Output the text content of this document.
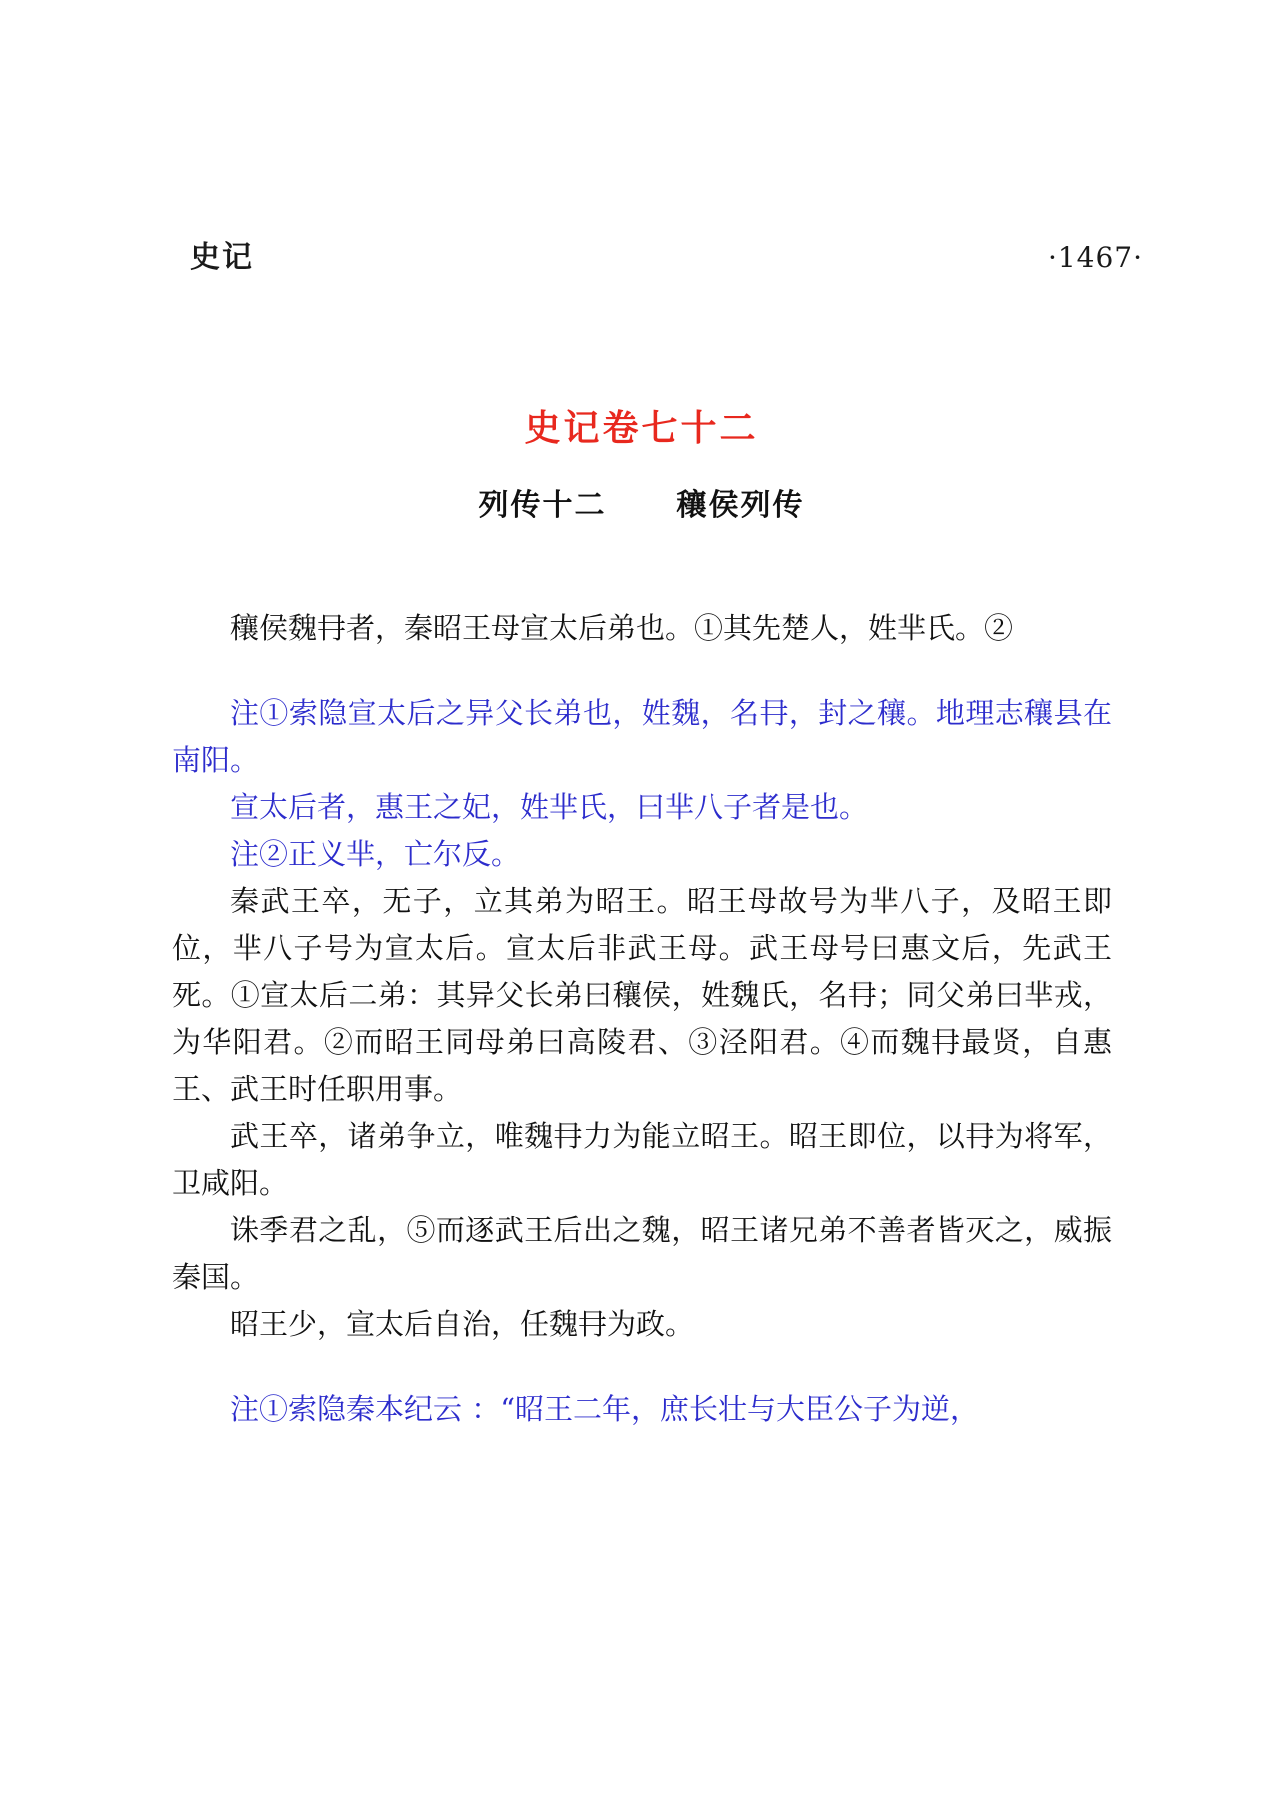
史记	·1467·
史记卷七十二
列传十二 穰侯列传

穰侯魏冄者，秦昭王母宣太后弟也。①其先楚人，姓芈氏。②

注①索隐宣太后之异父长弟也，姓魏，名冄，封之穰。地理志穰县在南阳。

宣太后者，惠王之妃，姓芈氏，曰芈八子者是也。

注②正义芈，亡尔反。

秦武王卒，无子，立其弟为昭王。昭王母故号为芈八子，及昭王即位，芈八子号为宣太后。宣太后非武王母。武王母号曰惠文后，先武王死。①宣太后二弟：其异父长弟曰穰侯，姓魏氏，名冄；同父弟曰芈戎，为华阳君。②而昭王同母弟曰高陵君、③泾阳君。④而魏冄最贤，自惠王、武王时任职用事。

武王卒，诸弟争立，唯魏冄力为能立昭王。昭王即位，以冄为将军，卫咸阳。

诛季君之乱，⑤而逐武王后出之魏，昭王诸兄弟不善者皆灭之，威振秦国。

昭王少，宣太后自治，任魏冄为政。

注①索隐秦本纪云 ：“昭王二年，庶长壮与大臣公子为逆，
